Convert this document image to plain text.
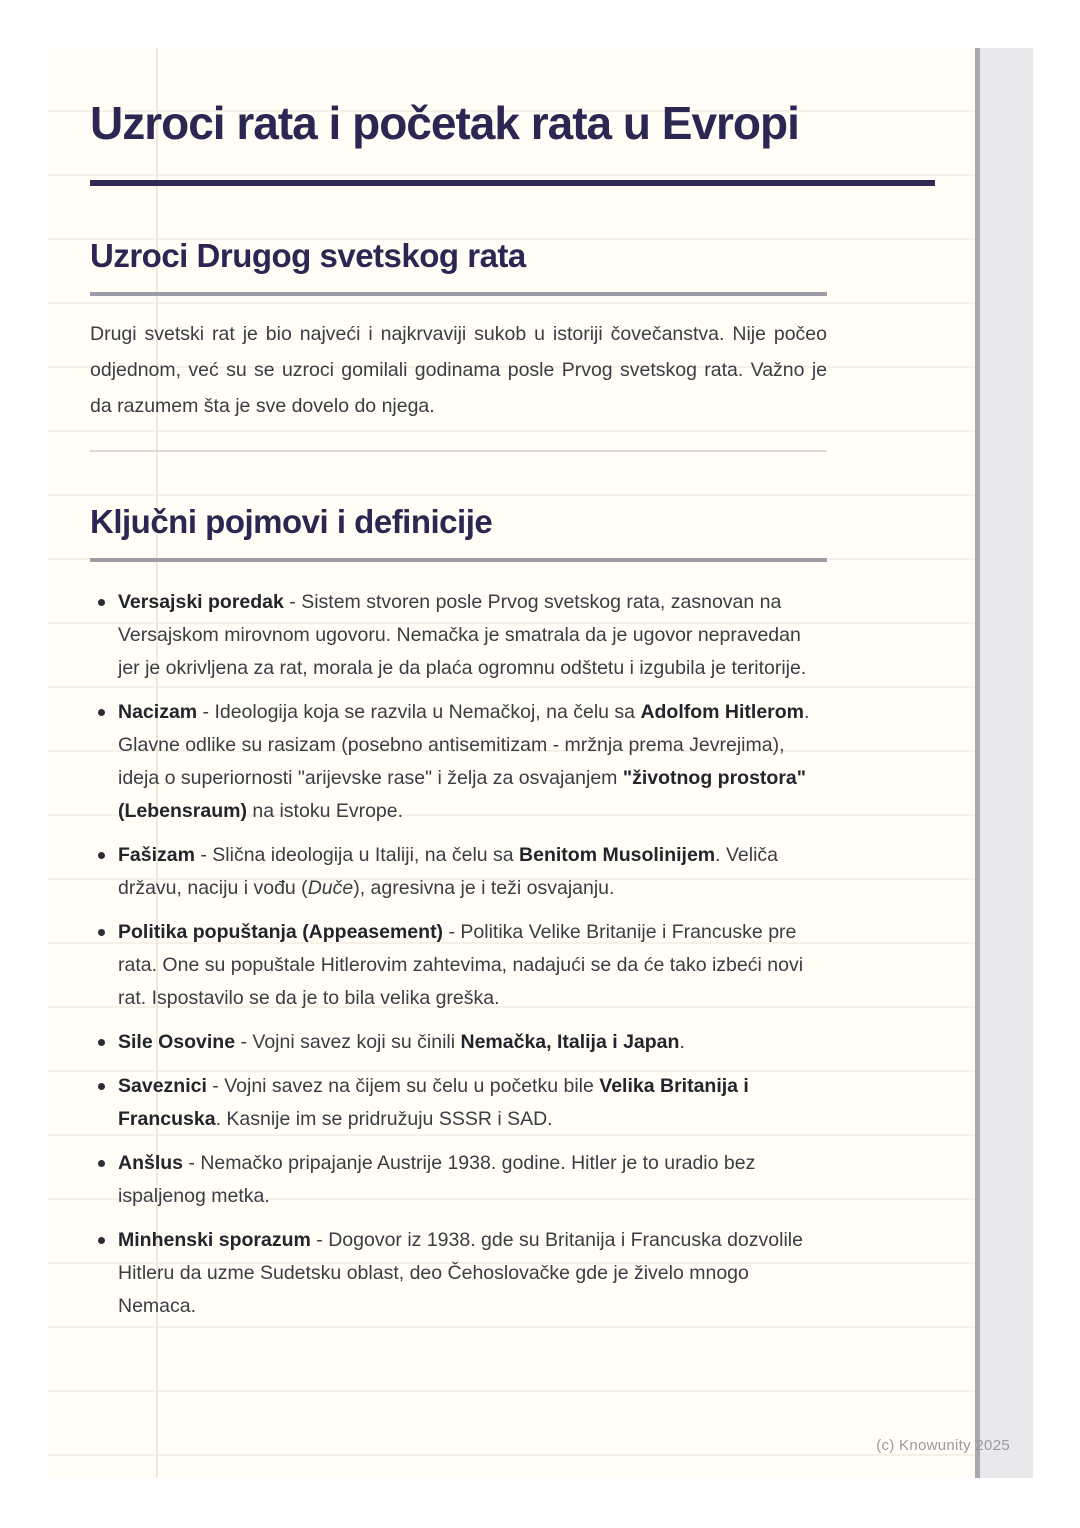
Uzroci rata i početak rata u Evropi
Uzroci Drugog svetskog rata

Drugi svetski rat je bio najveći i najkrvaviji sukob u istoriji čovečanstva. Nije počeo odjednom, već su se uzroci gomilali godinama posle Prvog svetskog rata. Važno je da razumem šta je sve dovelo do njega.

Ključni pojmovi i definicije
Versajski poredak - Sistem stvoren posle Prvog svetskog rata, zasnovan na Versajskom mirovnom ugovoru. Nemačka je smatrala da je ugovor nepravedan jer je okrivljena za rat, morala je da plaća ogromnu odštetu i izgubila je teritorije.
Nacizam - Ideologija koja se razvila u Nemačkoj, na čelu sa Adolfom Hitlerom. Glavne odlike su rasizam (posebno antisemitizam - mržnja prema Jevrejima), ideja o superiornosti "arijevske rase" i želja za osvajanjem "životnog prostora" (Lebensraum) na istoku Evrope.
Fašizam - Slična ideologija u Italiji, na čelu sa Benitom Musolinijem. Veliča državu, naciju i vođu (Duče), agresivna je i teži osvajanju.
Politika popuštanja (Appeasement) - Politika Velike Britanije i Francuske pre rata. One su popuštale Hitlerovim zahtevima, nadajući se da će tako izbeći novi rat. Ispostavilo se da je to bila velika greška.
Sile Osovine - Vojni savez koji su činili Nemačka, Italija i Japan.
Saveznici - Vojni savez na čijem su čelu u početku bile Velika Britanija i Francuska. Kasnije im se pridružuju SSSR i SAD.
Anšlus - Nemačko pripajanje Austrije 1938. godine. Hitler je to uradio bez ispaljenog metka.
Minhenski sporazum - Dogovor iz 1938. gde su Britanija i Francuska dozvolile Hitleru da uzme Sudetsku oblast, deo Čehoslovačke gde je živelo mnogo Nemaca.
(c) Knowunity 2025
